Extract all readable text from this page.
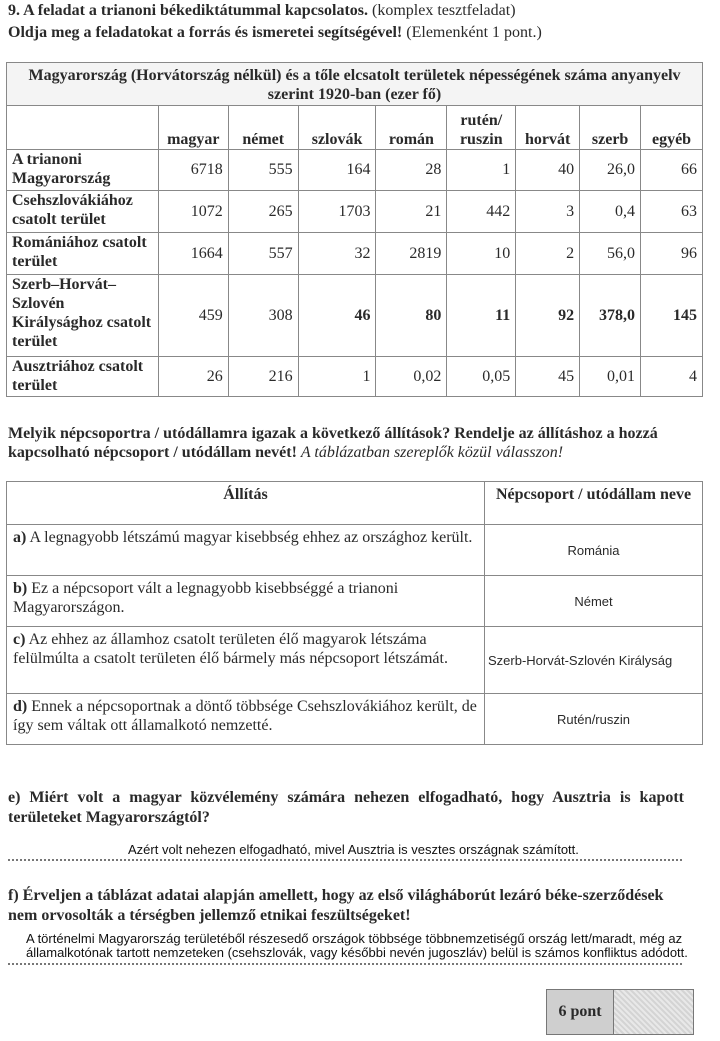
9. A feladat a trianoni békediktátummal kapcsolatos. (komplex tesztfeladat)
Oldja meg a feladatokat a forrás és ismeretei segítségével! (Elemenként 1 pont.)
Magyarország (Horvátország nélkül) és a tőle elcsatolt területek népességének száma anyanyelv szerint 1920-ban (ezer fő)								
	magyar	német	szlovák	román	rutén/ ruszin	horvát	szerb	egyéb
A trianoni Magyarország	6718	555	164	28	1	40	26,0	66
Csehszlovákiához csatolt terület	1072	265	1703	21	442	3	0,4	63
Romániához csatolt terület	1664	557	32	2819	10	2	56,0	96
Szerb–Horvát– Szlovén Királysághoz csatolt terület	459	308	46	80	11	92	378,0	145
Ausztriához csatolt terület	26	216	1	0,02	0,05	45	0,01	4
Melyik népcsoportra / utódállamra igazak a következő állítások? Rendelje az állításhoz a hozzá kapcsolható népcsoport / utódállam nevét! A táblázatban szereplők közül válasszon!
Állítás	Népcsoport / utódállam neve
a) A legnagyobb létszámú magyar kisebbség ehhez az országhoz került.	Románia
b) Ez a népcsoport vált a legnagyobb kisebbséggé a trianoni Magyarországon.	Német
c) Az ehhez az államhoz csatolt területen élő magyarok létszáma felülmúlta a csatolt területen élő bármely más népcsoport létszámát.	Szerb-Horvát-Szlovén Királyság
d) Ennek a népcsoportnak a döntő többsége Csehszlovákiához került, de így sem váltak ott államalkotó nemzetté.	Rutén/ruszin
e) Miért volt a magyar közvélemény számára nehezen elfogadható, hogy Ausztria is kapott területeket Magyarországtól?
Azért volt nehezen elfogadható, mivel Ausztria is vesztes országnak számított.
f) Érveljen a táblázat adatai alapján amellett, hogy az első világháborút lezáró béke-szerződések nem orvosolták a térségben jellemző etnikai feszültségeket!
A történelmi Magyarország területéből részesedő országok többsége többnemzetiségű ország lett/maradt, még az államalkotónak tartott nemzeteken (csehszlovák, vagy későbbi nevén jugoszláv) belül is számos konfliktus adódott.
6 pont
